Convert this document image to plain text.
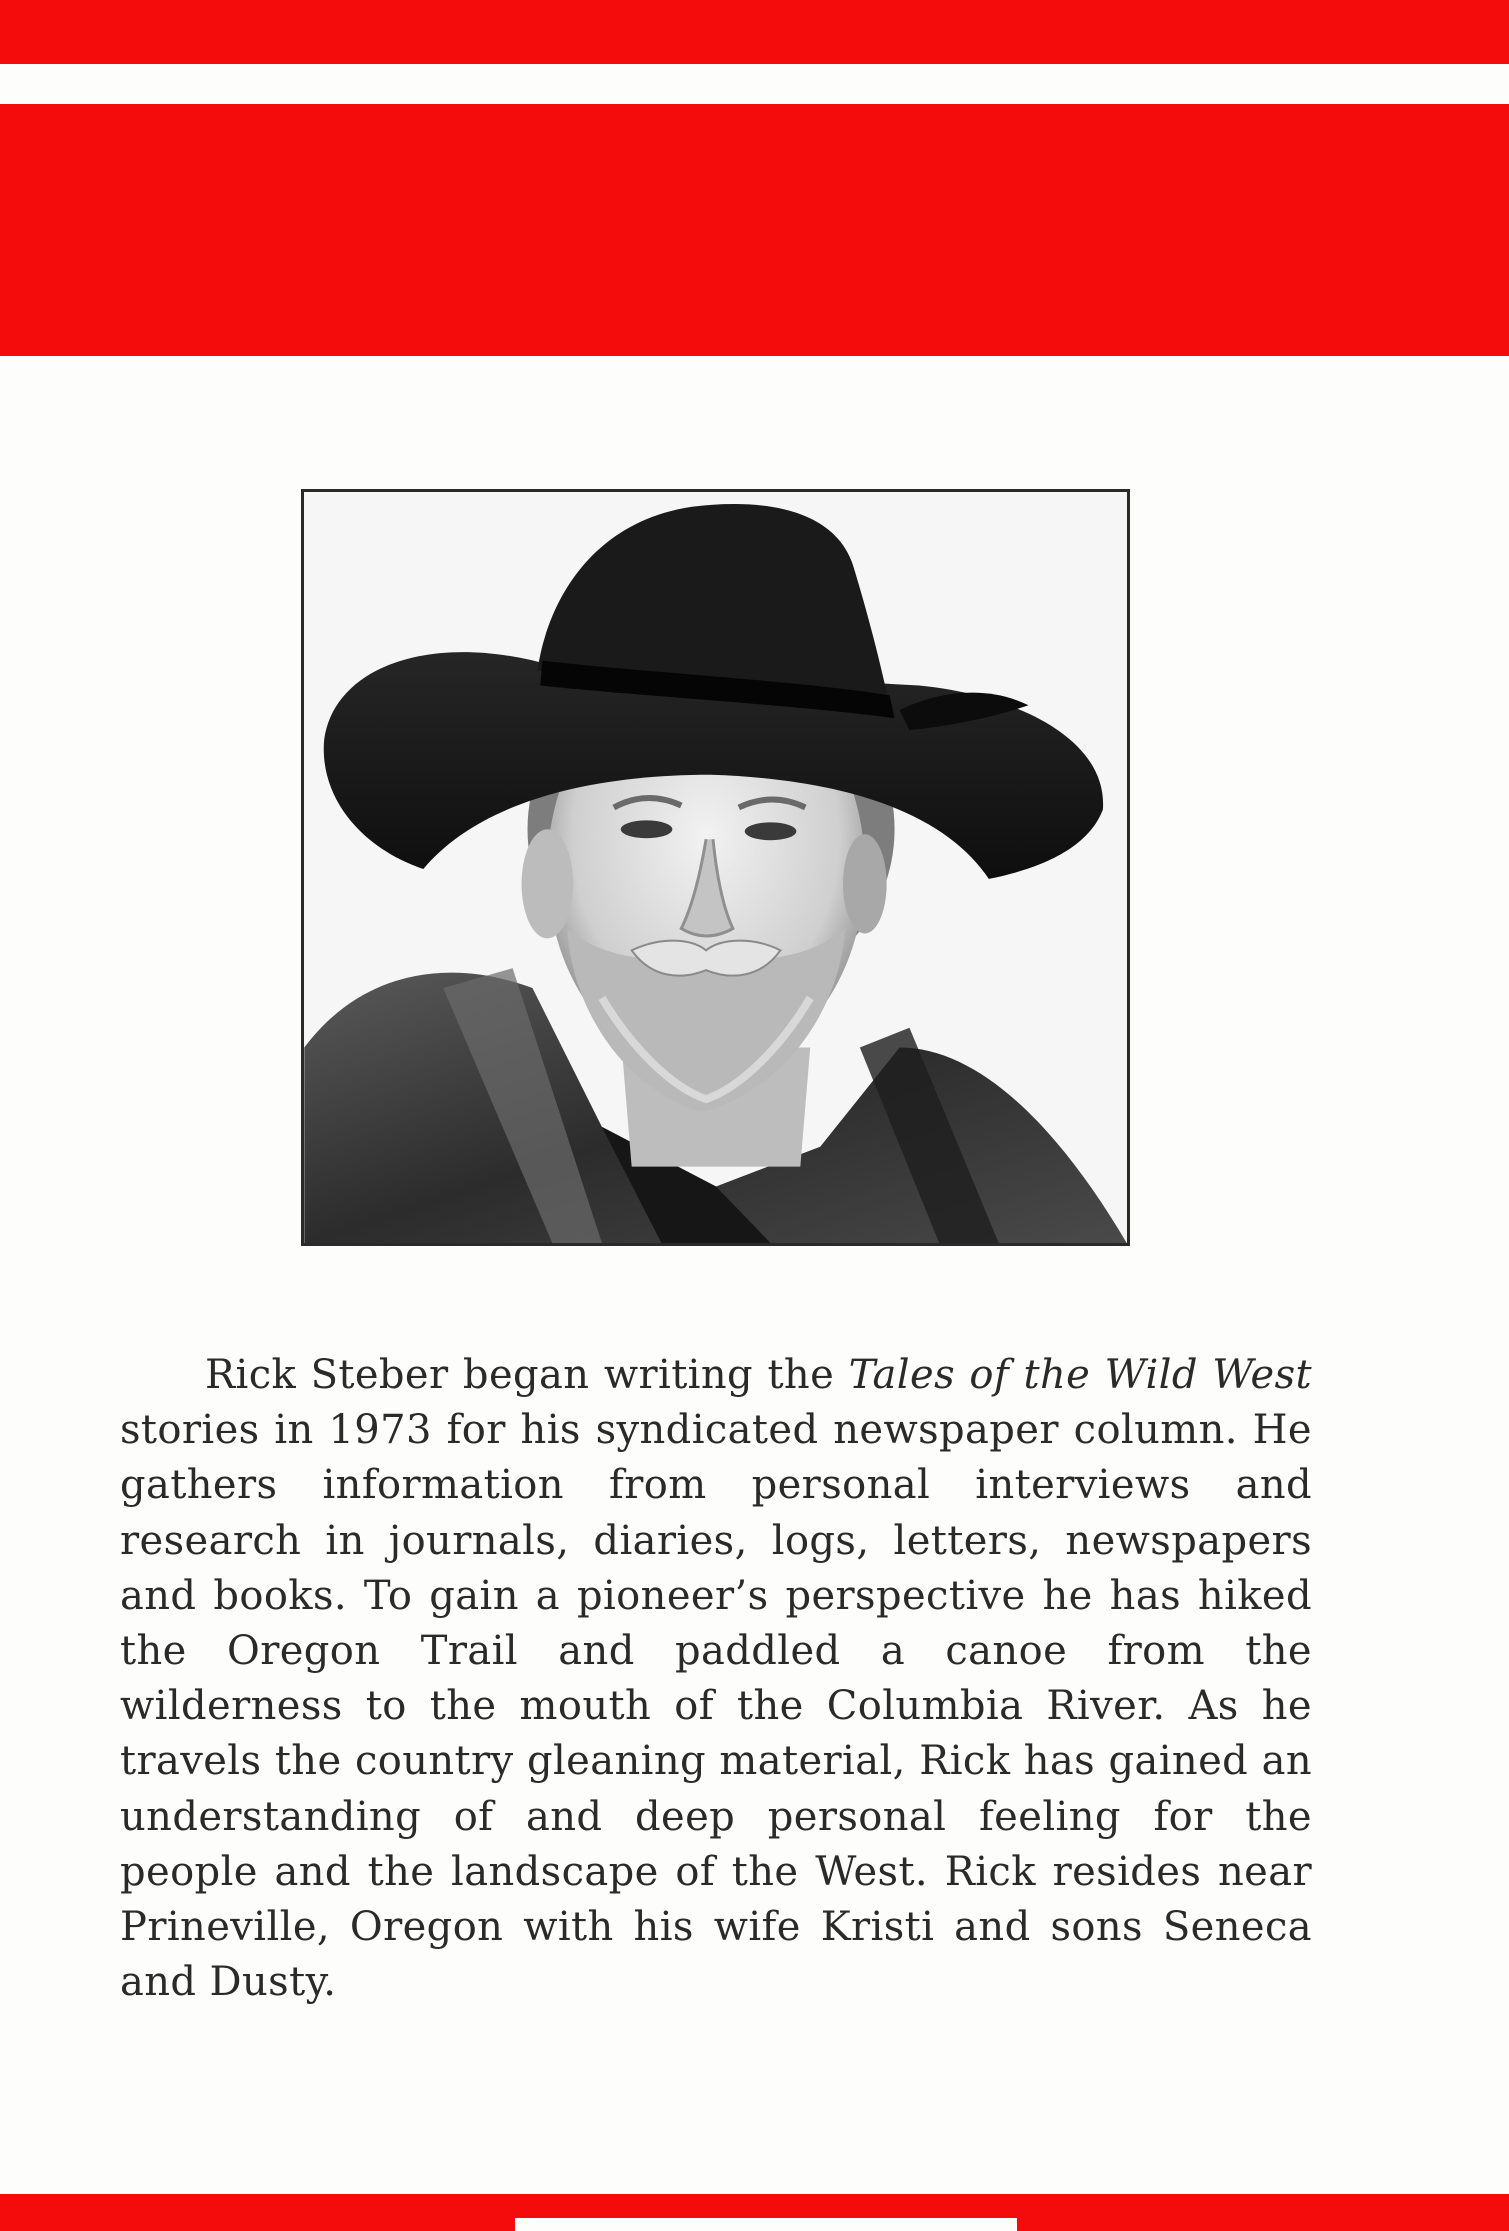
Rick Steber began writing the Tales of the Wild West stories in 1973 for his syndicated newspaper column. He gathers information from personal interviews and research in journals, diaries, logs, letters, newspapers and books. To gain a pioneer’s perspective he has hiked the Oregon Trail and paddled a canoe from the wilderness to the mouth of the Columbia River. As he travels the country gleaning material, Rick has gained an understanding of and deep personal feeling for the people and the landscape of the West. Rick resides near Prineville, Oregon with his wife Kristi and sons Seneca and Dusty.
